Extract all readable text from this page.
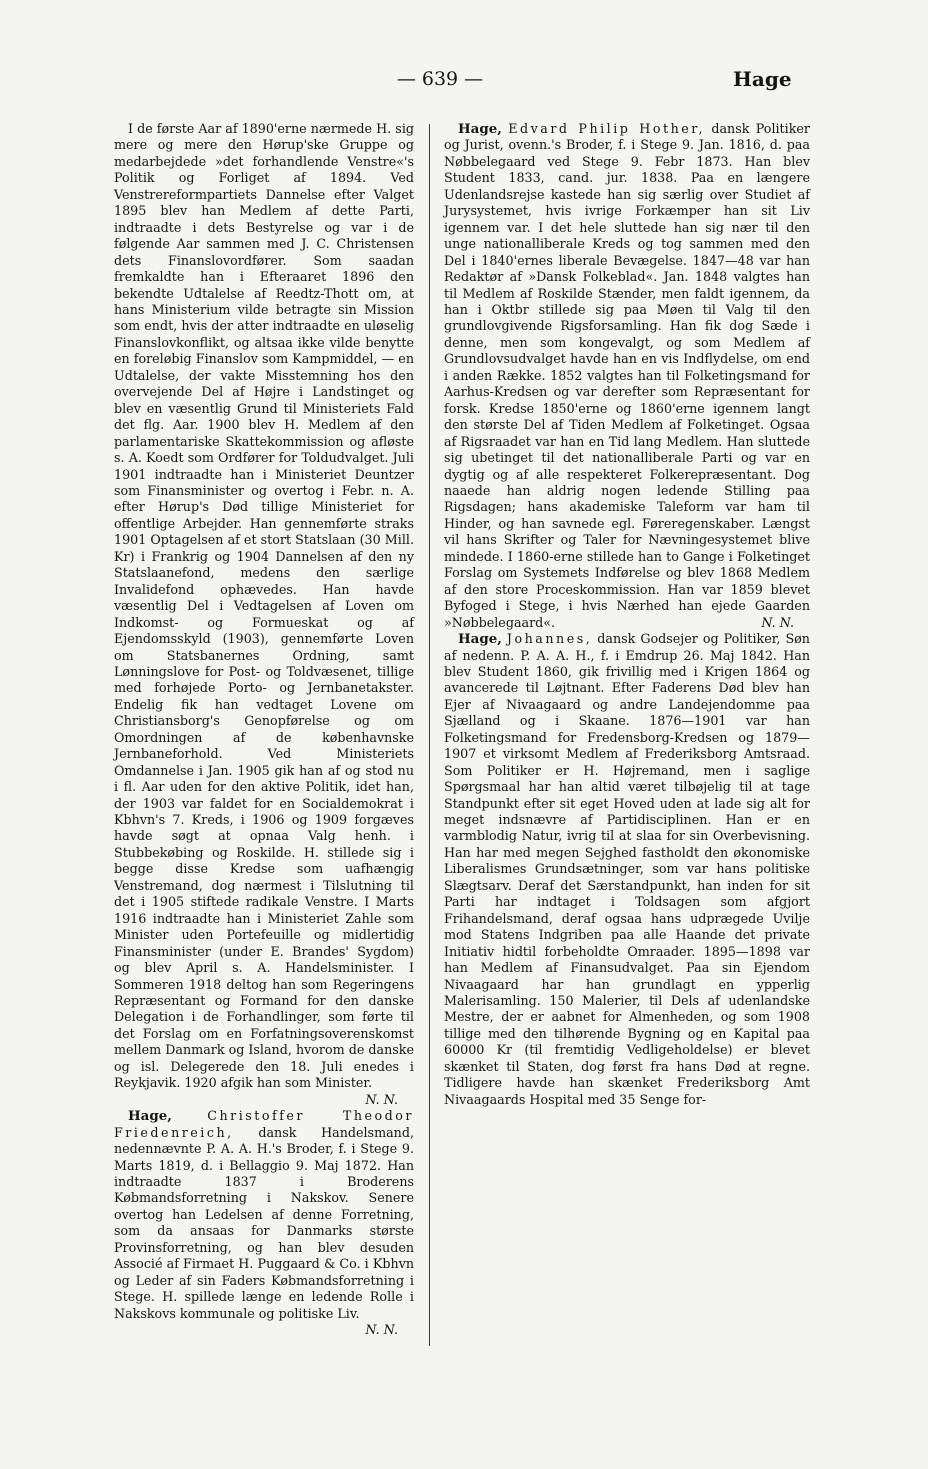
— 639 —	Hage

I de første Aar af 1890'erne nærmede H. sig mere og mere den Hørup'ske Gruppe og medarbejdede »det forhandlende Venstre«'s Politik og Forliget af 1894. Ved Venstrereformpartiets Dannelse efter Valget 1895 blev han Medlem af dette Parti, indtraadte i dets Bestyrelse og var i de følgende Aar sammen med J. C. Christensen dets Finanslovordfører. Som saadan fremkaldte han i Efteraaret 1896 den bekendte Udtalelse af Reedtz-Thott om, at hans Ministerium vilde betragte sin Mission som endt, hvis der atter indtraadte en uløselig Finanslovkonflikt, og altsaa ikke vilde benytte en foreløbig Finanslov som Kampmiddel, — en Udtalelse, der vakte Misstemning hos den overvejende Del af Højre i Landstinget og blev en væsentlig Grund til Ministeriets Fald det flg. Aar. 1900 blev H. Medlem af den parlamentariske Skattekommission og afløste s. A. Koedt som Ordfører for Toldudvalget. Juli 1901 indtraadte han i Ministeriet Deuntzer som Finansminister og overtog i Febr. n. A. efter Hørup's Død tillige Ministeriet for offentlige Arbejder. Han gennemførte straks 1901 Optagelsen af et stort Statslaan (30 Mill. Kr) i Frankrig og 1904 Dannelsen af den ny Statslaanefond, medens den særlige Invalidefond ophævedes. Han havde væsentlig Del i Vedtagelsen af Loven om Indkomst- og Formueskat og af Ejendomsskyld (1903), gennemførte Loven om Statsbanernes Ordning, samt Lønningslove for Post- og Toldvæsenet, tillige med forhøjede Porto- og Jernbanetakster. Endelig fik han vedtaget Lovene om Christiansborg's Genopførelse og om Omordningen af de københavnske Jernbaneforhold. Ved Ministeriets Omdannelse i Jan. 1905 gik han af og stod nu i fl. Aar uden for den aktive Politik, idet han, der 1903 var faldet for en Socialdemokrat i Kbhvn's 7. Kreds, i 1906 og 1909 forgæves havde søgt at opnaa Valg henh. i Stubbekøbing og Roskilde. H. stillede sig i begge disse Kredse som uafhængig Venstremand, dog nærmest i Tilslutning til det i 1905 stiftede radikale Venstre. I Marts 1916 indtraadte han i Ministeriet Zahle som Minister uden Portefeuille og midlertidig Finansminister (under E. Brandes' Sygdom) og blev April s. A. Handelsminister. I Sommeren 1918 deltog han som Regeringens Repræsentant og Formand for den danske Delegation i de Forhandlinger, som førte til det Forslag om en Forfatningsoverenskomst mellem Danmark og Island, hvorom de danske og isl. Delegerede den 18. Juli enedes i Reykjavik. 1920 afgik han som Minister.

N. N.

Hage,	Christoffer Theodor Friedenreich, dansk Handelsmand, nedennævnte P. A. A. H.'s Broder, f. i Stege 9. Marts 1819, d. i Bellaggio 9. Maj 1872. Han indtraadte 1837 i Broderens Købmandsforretning i Nakskov. Senere overtog han Ledelsen af denne Forretning, som da ansaas for Danmarks største Provinsforretning, og han blev desuden Associé af Firmaet H. Puggaard & Co. i Kbhvn og Leder af sin Faders Købmandsforretning i Stege. H. spillede længe en ledende Rolle i Nakskovs kommunale og politiske Liv.

N. N.

Hage, Edvard Philip Hother, dansk Politiker og Jurist, ovenn.'s Broder, f. i Stege 9. Jan. 1816, d. paa Nøbbelegaard ved Stege 9. Febr 1873. Han blev Student 1833, cand. jur. 1838. Paa en længere Udenlandsrejse kastede han sig særlig over Studiet af Jurysystemet, hvis ivrige Forkæmper han sit Liv igennem var. I det hele sluttede han sig nær til den unge nationalliberale Kreds og tog sammen med den Del i 1840'ernes liberale Bevægelse. 1847—48 var han Redaktør af »Dansk Folkeblad«. Jan. 1848 valgtes han til Medlem af Roskilde Stænder, men faldt igennem, da han i Oktbr stillede sig paa Møen til Valg til den grundlovgivende Rigsforsamling. Han fik dog Sæde i denne, men som kongevalgt, og som Medlem af Grundlovsudvalget havde han en vis Indflydelse, om end i anden Række. 1852 valgtes han til Folketingsmand for Aarhus-Kredsen og var derefter som Repræsentant for forsk. Kredse 1850'erne og 1860'erne igennem langt den største Del af Tiden Medlem af Folketinget. Ogsaa af Rigsraadet var han en Tid lang Medlem. Han sluttede sig ubetinget til det nationalliberale Parti og var en dygtig og af alle respekteret Folkerepræsentant. Dog naaede han aldrig nogen ledende Stilling paa Rigsdagen; hans akademiske Taleform var ham til Hinder, og han savnede egl. Føreregenskaber. Længst vil hans Skrifter og Taler for Nævningesystemet blive mindede. I 1860-erne stillede han to Gange i Folketinget Forslag om Systemets Indførelse og blev 1868 Medlem af den store Proceskommission. Han var 1859 blevet Byfoged i Stege, i hvis Nærhed han ejede Gaarden »Nøbbelegaard«.	N. N.

Hage, Johannes, dansk Godsejer og Politiker, Søn af nedenn. P. A. A. H., f. i Emdrup 26. Maj 1842. Han blev Student 1860, gik frivillig med i Krigen 1864 og avancerede til Løjtnant. Efter Faderens Død blev han Ejer af Nivaagaard og andre Landejendomme paa Sjælland og i Skaane. 1876—1901 var han Folketingsmand for Fredensborg-Kredsen og 1879—1907 et virksomt Medlem af Frederiksborg Amtsraad. Som Politiker er H. Højremand, men i saglige Spørgsmaal har han altid været tilbøjelig til at tage Standpunkt efter sit eget Hoved uden at lade sig alt for meget indsnævre af Partidisciplinen. Han er en varmblodig Natur, ivrig til at slaa for sin Overbevisning. Han har med megen Sejghed fastholdt den økonomiske Liberalismes Grundsætninger, som var hans politiske Slægtsarv. Deraf det Særstandpunkt, han inden for sit Parti har indtaget i Toldsagen som afgjort Frihandelsmand, deraf ogsaa hans udprægede Uvilje mod Statens Indgriben paa alle Haande det private Initiativ hidtil forbeholdte Omraader. 1895—1898 var han Medlem af Finansudvalget. Paa sin Ejendom Nivaagaard har han grundlagt en ypperlig Malerisamling. 150 Malerier, til Dels af udenlandske Mestre, der er aabnet for Almenheden, og som 1908 tillige med den tilhørende Bygning og en Kapital paa 60000 Kr (til fremtidig Vedligeholdelse) er blevet skænket til Staten, dog først fra hans Død at regne. Tidligere havde han skænket Frederiksborg Amt Nivaagaards Hospital med 35 Senge for-
